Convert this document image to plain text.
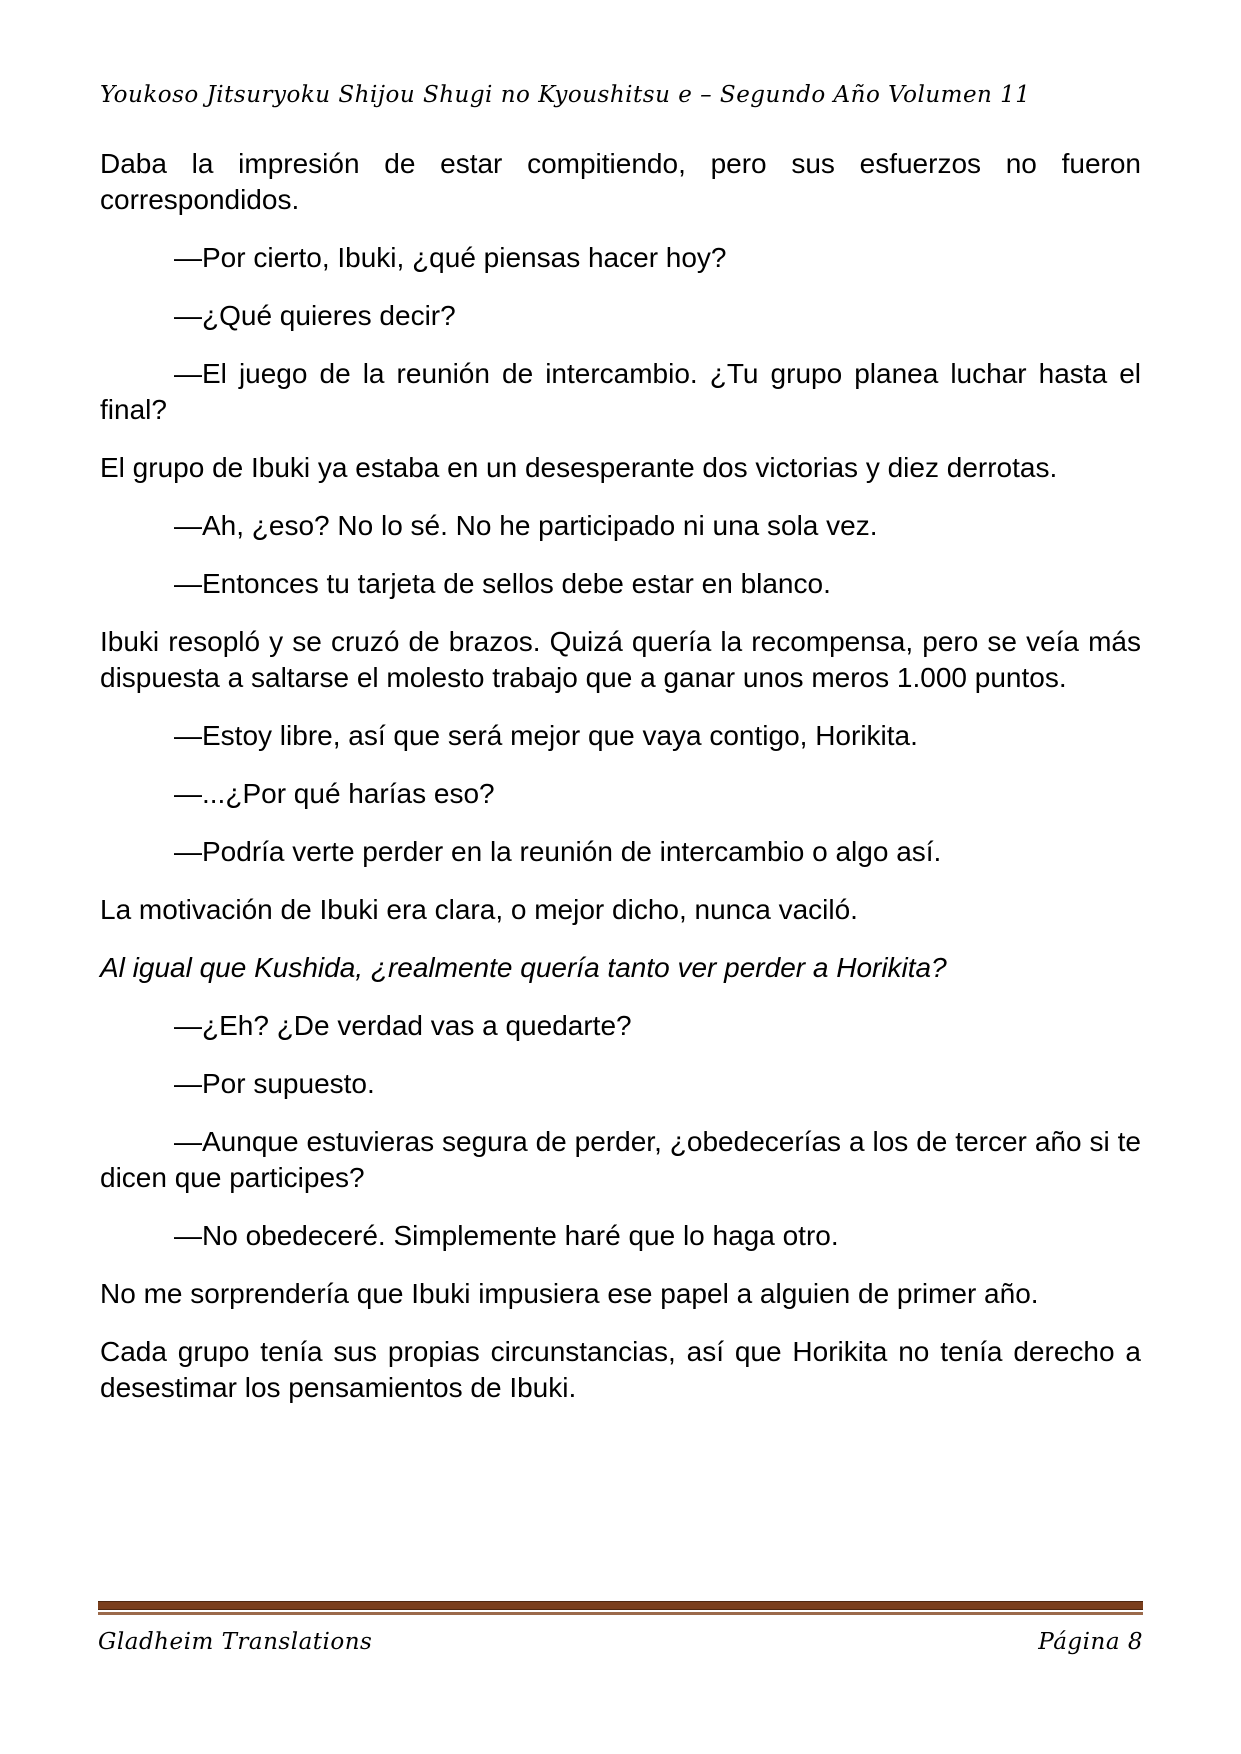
Youkoso Jitsuryoku Shijou Shugi no Kyoushitsu e – Segundo Año Volumen 11

Daba la impresión de estar compitiendo, pero sus esfuerzos no fueron correspondidos.

—Por cierto, Ibuki, ¿qué piensas hacer hoy?

—¿Qué quieres decir?

—El juego de la reunión de intercambio. ¿Tu grupo planea luchar hasta el final?

El grupo de Ibuki ya estaba en un desesperante dos victorias y diez derrotas.

—Ah, ¿eso? No lo sé. No he participado ni una sola vez.

—Entonces tu tarjeta de sellos debe estar en blanco.

Ibuki resopló y se cruzó de brazos. Quizá quería la recompensa, pero se veía más dispuesta a saltarse el molesto trabajo que a ganar unos meros 1.000 puntos.

—Estoy libre, así que será mejor que vaya contigo, Horikita.

—...¿Por qué harías eso?

—Podría verte perder en la reunión de intercambio o algo así.

La motivación de Ibuki era clara, o mejor dicho, nunca vaciló.

Al igual que Kushida, ¿realmente quería tanto ver perder a Horikita?

—¿Eh? ¿De verdad vas a quedarte?

—Por supuesto.

—Aunque estuvieras segura de perder, ¿obedecerías a los de tercer año si te dicen que participes?

—No obedeceré. Simplemente haré que lo haga otro.

No me sorprendería que Ibuki impusiera ese papel a alguien de primer año.

Cada grupo tenía sus propias circunstancias, así que Horikita no tenía derecho a desestimar los pensamientos de Ibuki.

Gladheim Translations	Página 8
